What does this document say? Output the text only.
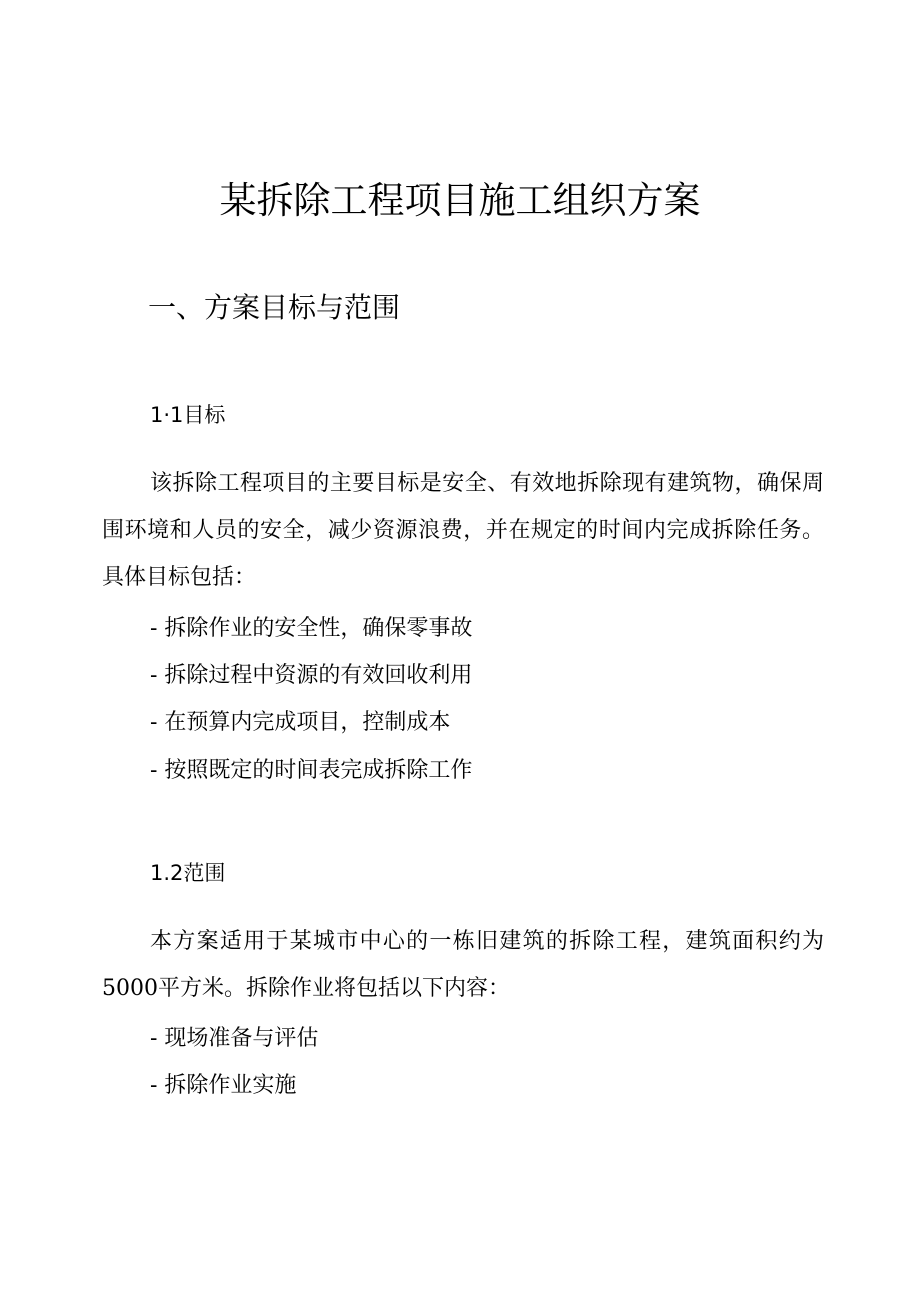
某拆除工程项目施工组织方案
一、方案目标与范围
1·1目标
该拆除工程项目的主要目标是安全、有效地拆除现有建筑物，确保周围环境和人员的安全，减少资源浪费，并在规定的时间内完成拆除任务。具体目标包括：
- 拆除作业的安全性，确保零事故
- 拆除过程中资源的有效回收利用
- 在预算内完成项目，控制成本
- 按照既定的时间表完成拆除工作
1.2范围
本方案适用于某城市中心的一栋旧建筑的拆除工程，建筑面积约为5000平方米。拆除作业将包括以下内容：
- 现场准备与评估
- 拆除作业实施
